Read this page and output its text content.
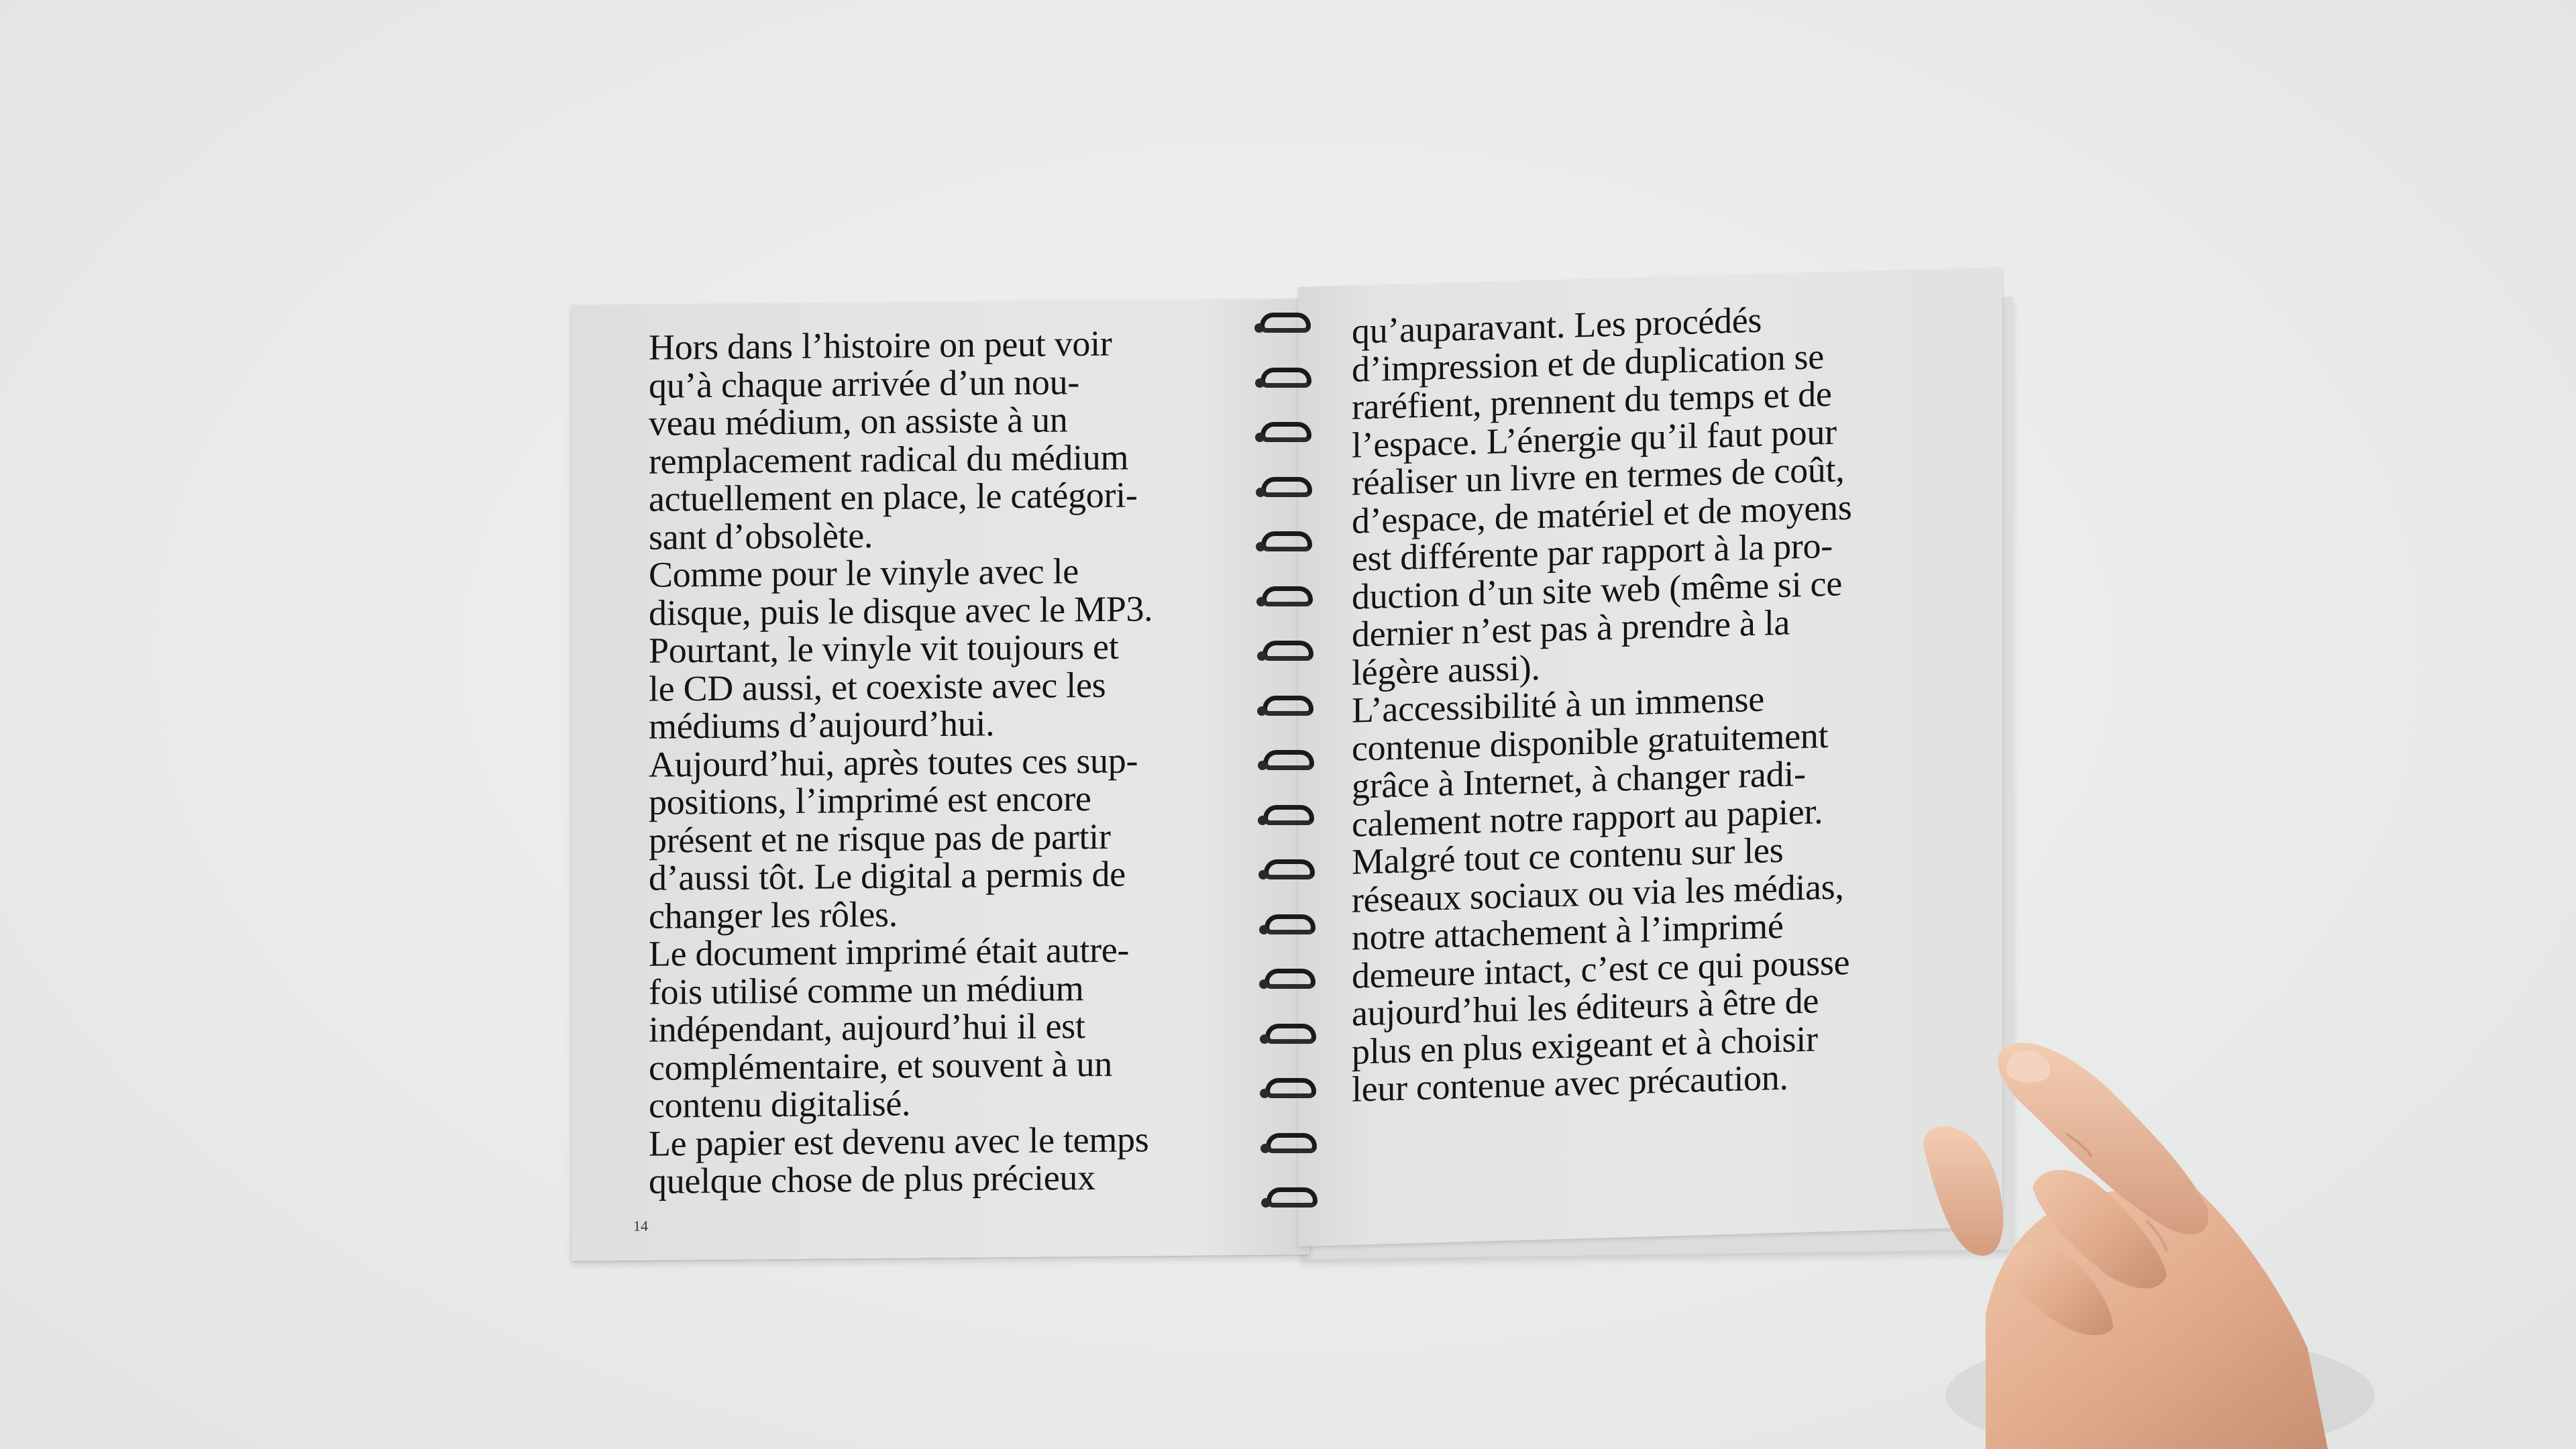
Hors dans l’histoire on peut voir
qu’à chaque arrivée d’un nou-
veau médium, on assiste à un
remplacement radical du médium
actuellement en place, le catégori-
sant d’obsolète.
Comme pour le vinyle avec le
disque, puis le disque avec le MP3.
Pourtant, le vinyle vit toujours et
le CD aussi, et coexiste avec les
médiums d’aujourd’hui.
Aujourd’hui, après toutes ces sup-
positions, l’imprimé est encore
présent et ne risque pas de partir
d’aussi tôt. Le digital a permis de
changer les rôles.
Le document imprimé était autre-
fois utilisé comme un médium
indépendant, aujourd’hui il est
complémentaire, et souvent à un
contenu digitalisé.
Le papier est devenu avec le temps
quelque chose de plus précieux
14
qu’auparavant. Les procédés
d’impression et de duplication se
raréfient, prennent du temps et de
l’espace. L’énergie qu’il faut pour
réaliser un livre en termes de coût,
d’espace, de matériel et de moyens
est différente par rapport à la pro-
duction d’un site web (même si ce
dernier n’est pas à prendre à la
légère aussi).
L’accessibilité à un immense
contenue disponible gratuitement
grâce à Internet, à changer radi-
calement notre rapport au papier.
Malgré tout ce contenu sur les
réseaux sociaux ou via les médias,
notre attachement à l’imprimé
demeure intact, c’est ce qui pousse
aujourd’hui les éditeurs à être de
plus en plus exigeant et à choisir
leur contenue avec précaution.
